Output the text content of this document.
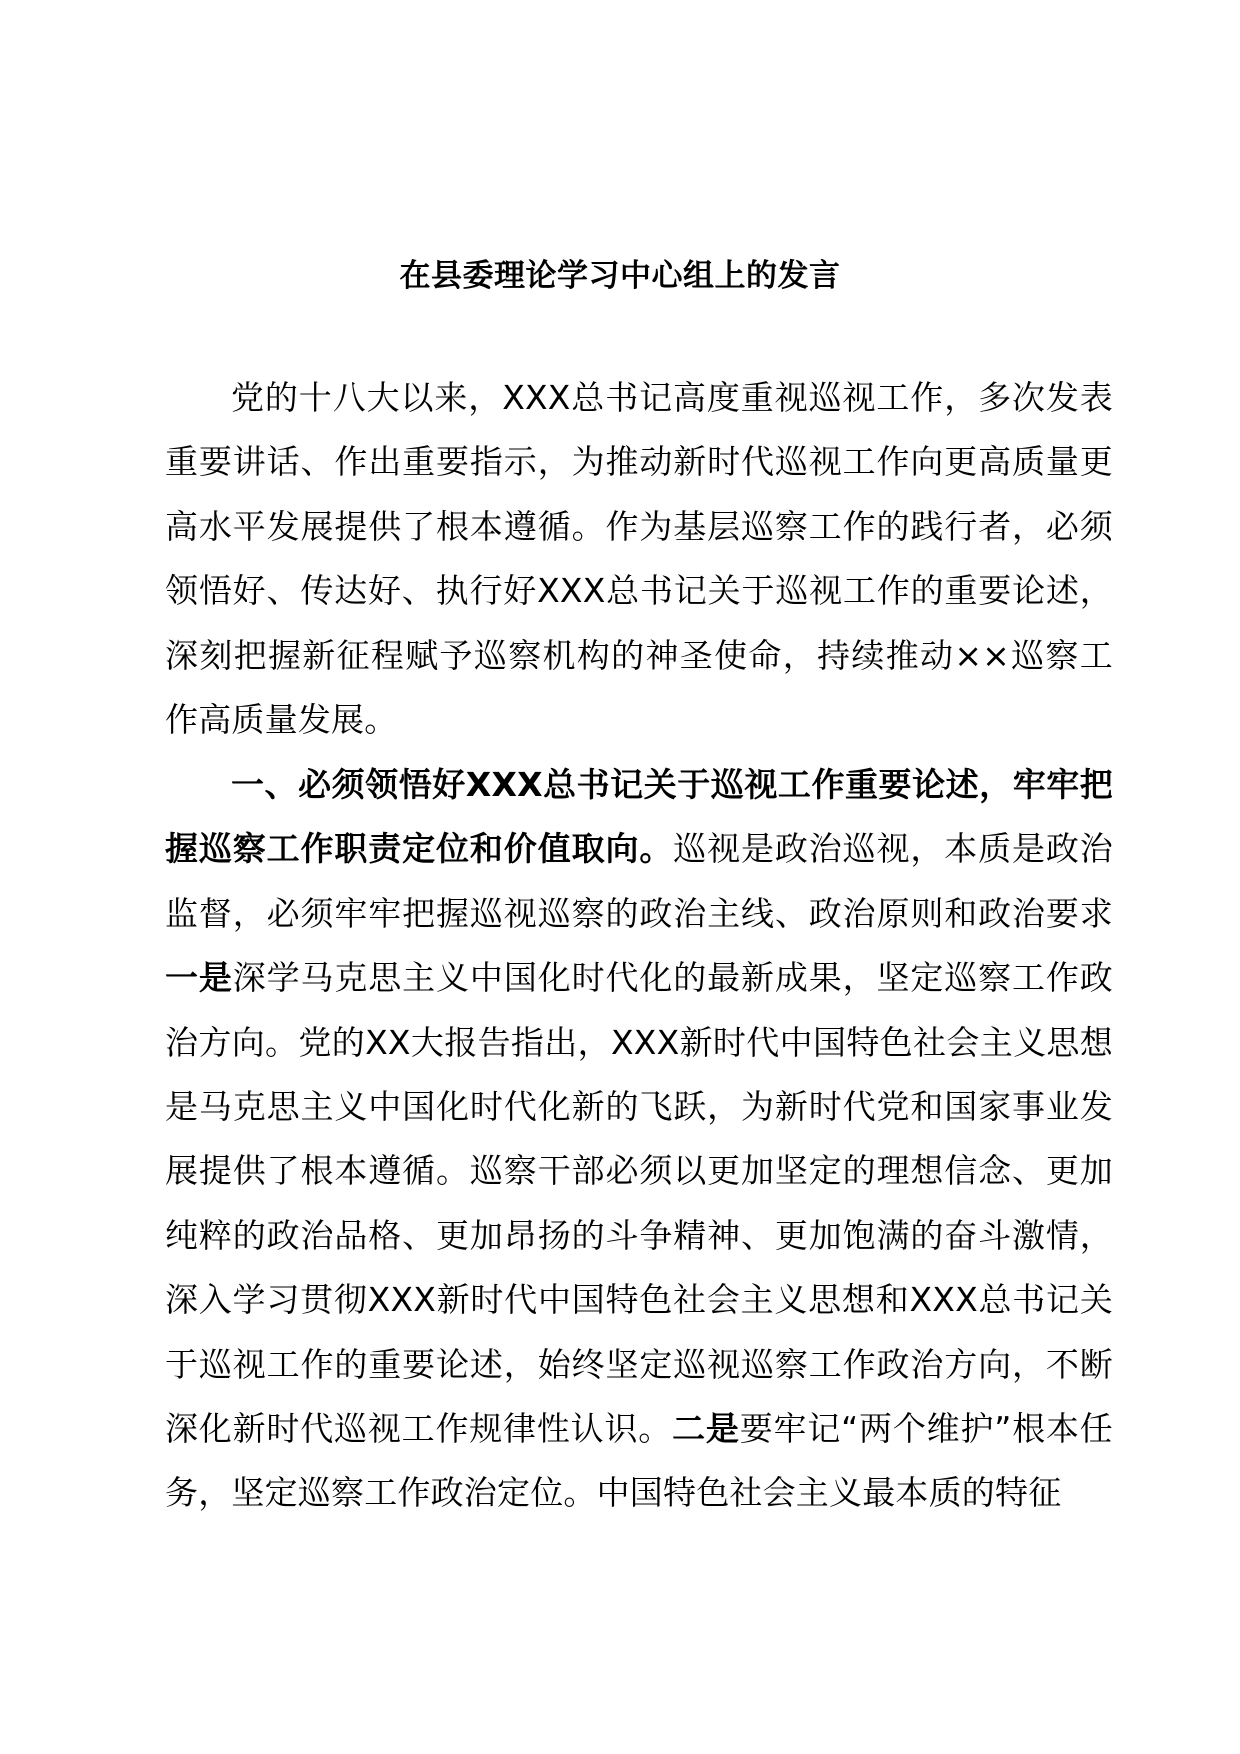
在县委理论学习中心组上的发言

党的十八大以来，XXX总书记高度重视巡视工作，多次发表重要讲话、作出重要指示，为推动新时代巡视工作向更高质量更高水平发展提供了根本遵循。作为基层巡察工作的践行者，必须领悟好、传达好、执行好XXX总书记关于巡视工作的重要论述，深刻把握新征程赋予巡察机构的神圣使命，持续推动××巡察工作高质量发展。

一、必须领悟好XXX总书记关于巡视工作重要论述，牢牢把握巡察工作职责定位和价值取向。巡视是政治巡视，本质是政治监督，必须牢牢把握巡视巡察的政治主线、政治原则和政治要求一是深学马克思主义中国化时代化的最新成果，坚定巡察工作政治方向。党的XX大报告指出，XXX新时代中国特色社会主义思想是马克思主义中国化时代化新的飞跃，为新时代党和国家事业发展提供了根本遵循。巡察干部必须以更加坚定的理想信念、更加纯粹的政治品格、更加昂扬的斗争精神、更加饱满的奋斗激情，深入学习贯彻XXX新时代中国特色社会主义思想和XXX总书记关于巡视工作的重要论述，始终坚定巡视巡察工作政治方向，不断深化新时代巡视工作规律性认识。二是要牢记“两个维护”根本任务，坚定巡察工作政治定位。中国特色社会主义最本质的特征
